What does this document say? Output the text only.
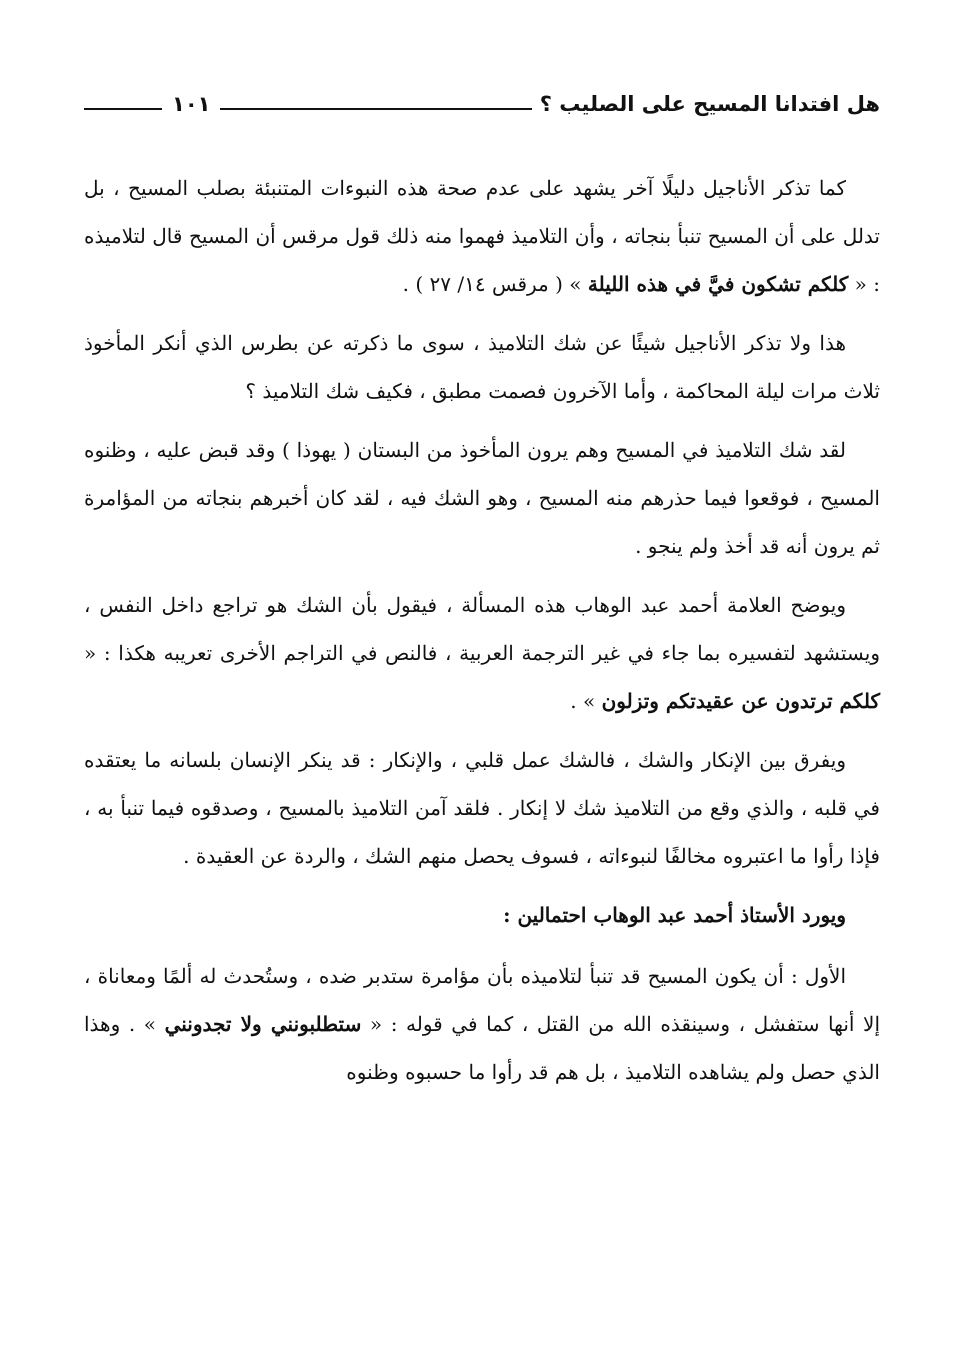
هل افتدانا المسيح على الصليب ؟
١٠١

كما تذكر الأناجيل دليلًا آخر يشهد على عدم صحة هذه النبوءات المتنبئة بصلب المسيح ، بل تدلل على أن المسيح تنبأ بنجاته ، وأن التلاميذ فهموا منه ذلك قول مرقس أن المسيح قال لتلاميذه : « كلكم تشكون فيَّ في هذه الليلة » ( مرقس ١٤/ ٢٧ ) .

هذا ولا تذكر الأناجيل شيئًا عن شك التلاميذ ، سوى ما ذكرته عن بطرس الذي أنكر المأخوذ ثلاث مرات ليلة المحاكمة ، وأما الآخرون فصمت مطبق ، فكيف شك التلاميذ ؟

لقد شك التلاميذ في المسيح وهم يرون المأخوذ من البستان ( يهوذا ) وقد قبض عليه ، وظنوه المسيح ، فوقعوا فيما حذرهم منه المسيح ، وهو الشك فيه ، لقد كان أخبرهم بنجاته من المؤامرة ثم يرون أنه قد أخذ ولم ينجو .

ويوضح العلامة أحمد عبد الوهاب هذه المسألة ، فيقول بأن الشك هو تراجع داخل النفس ، ويستشهد لتفسيره بما جاء في غير الترجمة العربية ، فالنص في التراجم الأخرى تعريبه هكذا : « كلكم ترتدون عن عقيدتكم وتزلون » .

ويفرق بين الإنكار والشك ، فالشك عمل قلبي ، والإنكار : قد ينكر الإنسان بلسانه ما يعتقده في قلبه ، والذي وقع من التلاميذ شك لا إنكار . فلقد آمن التلاميذ بالمسيح ، وصدقوه فيما تنبأ به ، فإذا رأوا ما اعتبروه مخالفًا لنبوءاته ، فسوف يحصل منهم الشك ، والردة عن العقيدة .

ويورد الأستاذ أحمد عبد الوهاب احتمالين :

الأول : أن يكون المسيح قد تنبأ لتلاميذه بأن مؤامرة ستدبر ضده ، وستُحدث له ألمًا ومعاناة ، إلا أنها ستفشل ، وسينقذه الله من القتل ، كما في قوله : « ستطلبونني ولا تجدونني » . وهذا الذي حصل ولم يشاهده التلاميذ ، بل هم قد رأوا ما حسبوه وظنوه
